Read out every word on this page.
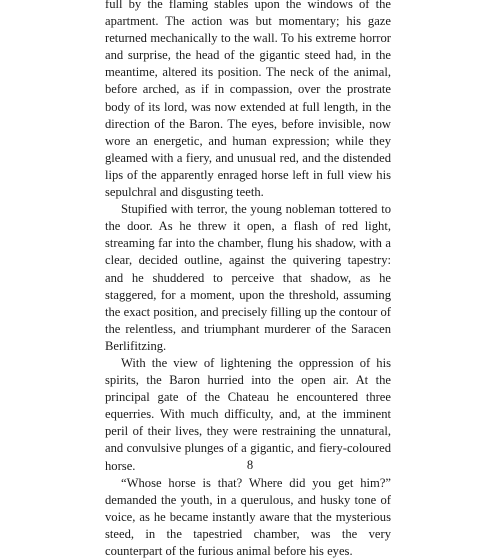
full by the flaming stables upon the windows of the apartment. The action was but momentary; his gaze returned mechanically to the wall. To his extreme horror and surprise, the head of the gigantic steed had, in the meantime, altered its position. The neck of the animal, before arched, as if in compassion, over the prostrate body of its lord, was now extended at full length, in the direction of the Baron. The eyes, before invisible, now wore an energetic, and human expression; while they gleamed with a fiery, and unusual red, and the distended lips of the apparently enraged horse left in full view his sepulchral and disgusting teeth.

Stupified with terror, the young nobleman tottered to the door. As he threw it open, a flash of red light, streaming far into the chamber, flung his shadow, with a clear, decided outline, against the quivering tapestry: and he shuddered to perceive that shadow, as he staggered, for a moment, upon the threshold, assuming the exact position, and precisely filling up the contour of the relentless, and triumphant murderer of the Saracen Berlifitzing.

With the view of lightening the oppression of his spirits, the Baron hurried into the open air. At the principal gate of the Chateau he encountered three equerries. With much difficulty, and, at the imminent peril of their lives, they were restraining the unnatural, and convulsive plunges of a gigantic, and fiery-coloured horse.

“Whose horse is that? Where did you get him?” demanded the youth, in a querulous, and husky tone of voice, as he became instantly aware that the mysterious steed, in the tapestried chamber, was the very counterpart of the furious animal before his eyes.

8
